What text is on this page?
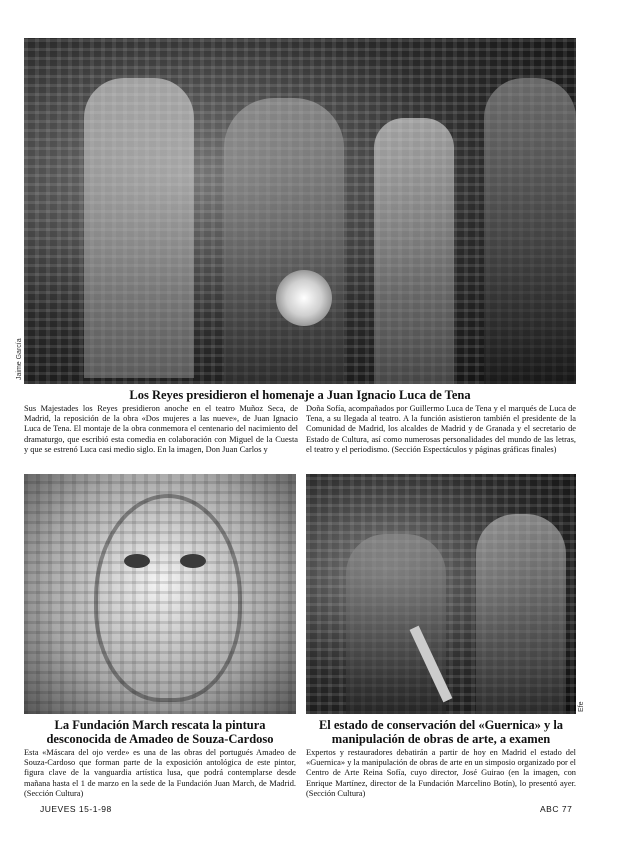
Jaime García
Los Reyes presidieron el homenaje a Juan Ignacio Luca de Tena

Sus Majestades los Reyes presidieron anoche en el teatro Muñoz Seca, de Madrid, la reposición de la obra «Dos mujeres a las nueve», de Juan Ignacio Luca de Tena. El montaje de la obra conmemora el centenario del nacimiento del dramaturgo, que escribió esta comedia en colaboración con Miguel de la Cuesta y que se estrenó Luca casi medio siglo. En la imagen, Don Juan Carlos y

Doña Sofía, acompañados por Guillermo Luca de Tena y el marqués de Luca de Tena, a su llegada al teatro. A la función asistieron también el presidente de la Comunidad de Madrid, los alcaldes de Madrid y de Granada y el secretario de Estado de Cultura, así como numerosas personalidades del mundo de las letras, el teatro y el periodismo. (Sección Espectáculos y páginas gráficas finales)

La Fundación March rescata la pintura desconocida de Amadeo de Souza-Cardoso

Esta «Máscara del ojo verde» es una de las obras del portugués Amadeo de Souza-Cardoso que forman parte de la exposición antológica de este pintor, figura clave de la vanguardia artística lusa, que podrá contemplarse desde mañana hasta el 1 de marzo en la sede de la Fundación Juan March, de Madrid. (Sección Cultura)

Efe
El estado de conservación del «Guernica» y la manipulación de obras de arte, a examen

Expertos y restauradores debatirán a partir de hoy en Madrid el estado del «Guernica» y la manipulación de obras de arte en un simposio organizado por el Centro de Arte Reina Sofía, cuyo director, José Guirao (en la imagen, con Enrique Martínez, director de la Fundación Marcelino Botín), lo presentó ayer. (Sección Cultura)

JUEVES 15-1-98	ABC 77
